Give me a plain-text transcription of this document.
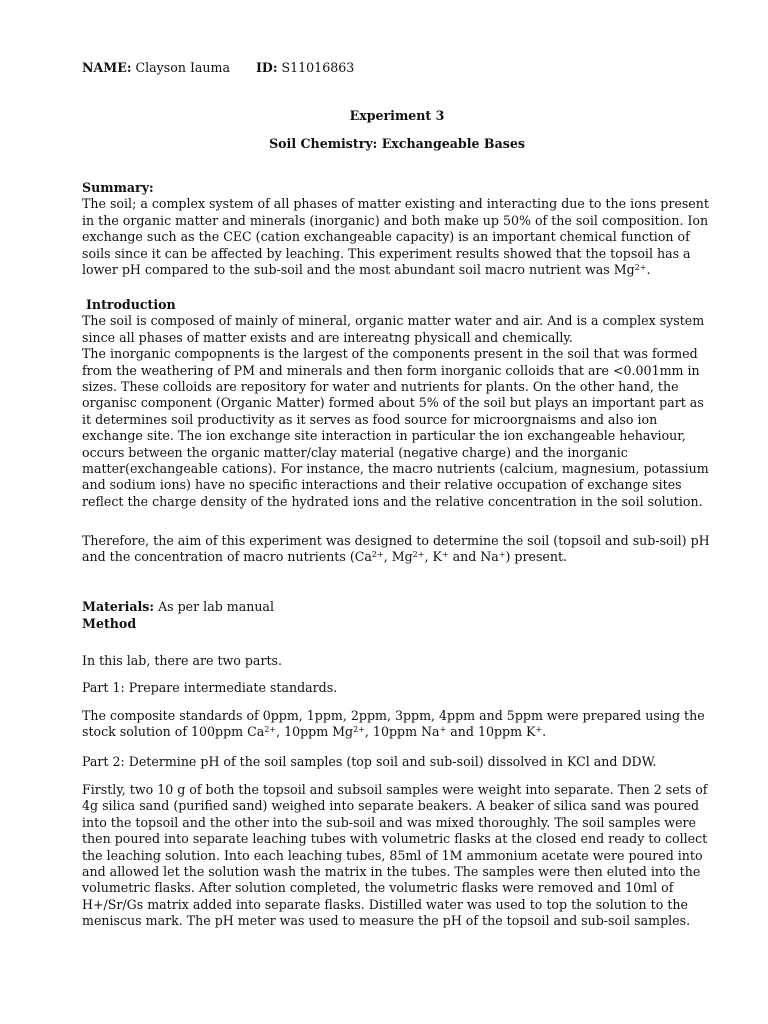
NAME: Clayson Iauma ID: S11016863

Experiment 3

Soil Chemistry: Exchangeable Bases

Summary:

The soil; a complex system of all phases of matter existing and interacting due to the ions present in the organic matter and minerals (inorganic) and both make up 50% of the soil composition. Ion exchange such as the CEC (cation exchangeable capacity) is an important chemical function of soils since it can be affected by leaching. This experiment results showed that the topsoil has a lower pH compared to the sub-soil and the most abundant soil macro nutrient was $Mg^{2+}$.

Introduction

The soil is composed of mainly of mineral, organic matter water and air. And is a complex system since all phases of matter exists and are intereatng physicall and chemically.

The inorganic compopnents is the largest of the components present in the soil that was formed from the weathering of PM and minerals and then form inorganic colloids that are <0.001mm in sizes. These colloids are repository for water and nutrients for plants. On the other hand, the organisc component (Organic Matter) formed about 5% of the soil but plays an important part as it determines soil productivity as it serves as food source for microorgnaisms and also ion exchange site. The ion exchange site interaction in particular the ion exchangeable hehaviour, occurs between the organic matter/clay material (negative charge) and the inorganic matter(exchangeable cations). For instance, the macro nutrients (calcium, magnesium, potassium and sodium ions) have no specific interactions and their relative occupation of exchange sites reflect the charge density of the hydrated ions and the relative concentration in the soil solution.

Therefore, the aim of this experiment was designed to determine the soil (topsoil and sub-soil) pH and the concentration of macro nutrients ($Ca^{2+}$, $Mg^{2+}$, K+ and Na+) present.

Materials: As per lab manual

Method

In this lab, there are two parts.

Part 1: Prepare intermediate standards.

The composite standards of 0ppm, 1ppm, 2ppm, 3ppm, 4ppm and 5ppm were prepared using the stock solution of 100ppm $Ca^{2+}$, 10ppm $Mg^{2+}$, 10ppm Na+ and 10ppm K+.

Part 2: Determine pH of the soil samples (top soil and sub-soil) dissolved in KCl and DDW.

Firstly, two 10 g of both the topsoil and subsoil samples were weight into separate. Then 2 sets of 4g silica sand (purified sand) weighed into separate beakers. A beaker of silica sand was poured into the topsoil and the other into the sub-soil and was mixed thoroughly. The soil samples were then poured into separate leaching tubes with volumetric flasks at the closed end ready to collect the leaching solution. Into each leaching tubes, 85ml of 1M ammonium acetate were poured into and allowed let the solution wash the matrix in the tubes. The samples were then eluted into the volumetric flasks. After solution completed, the volumetric flasks were removed and 10ml of H+/Sr/Gs matrix added into separate flasks. Distilled water was used to top the solution to the meniscus mark. The pH meter was used to measure the pH of the topsoil and sub-soil samples.
